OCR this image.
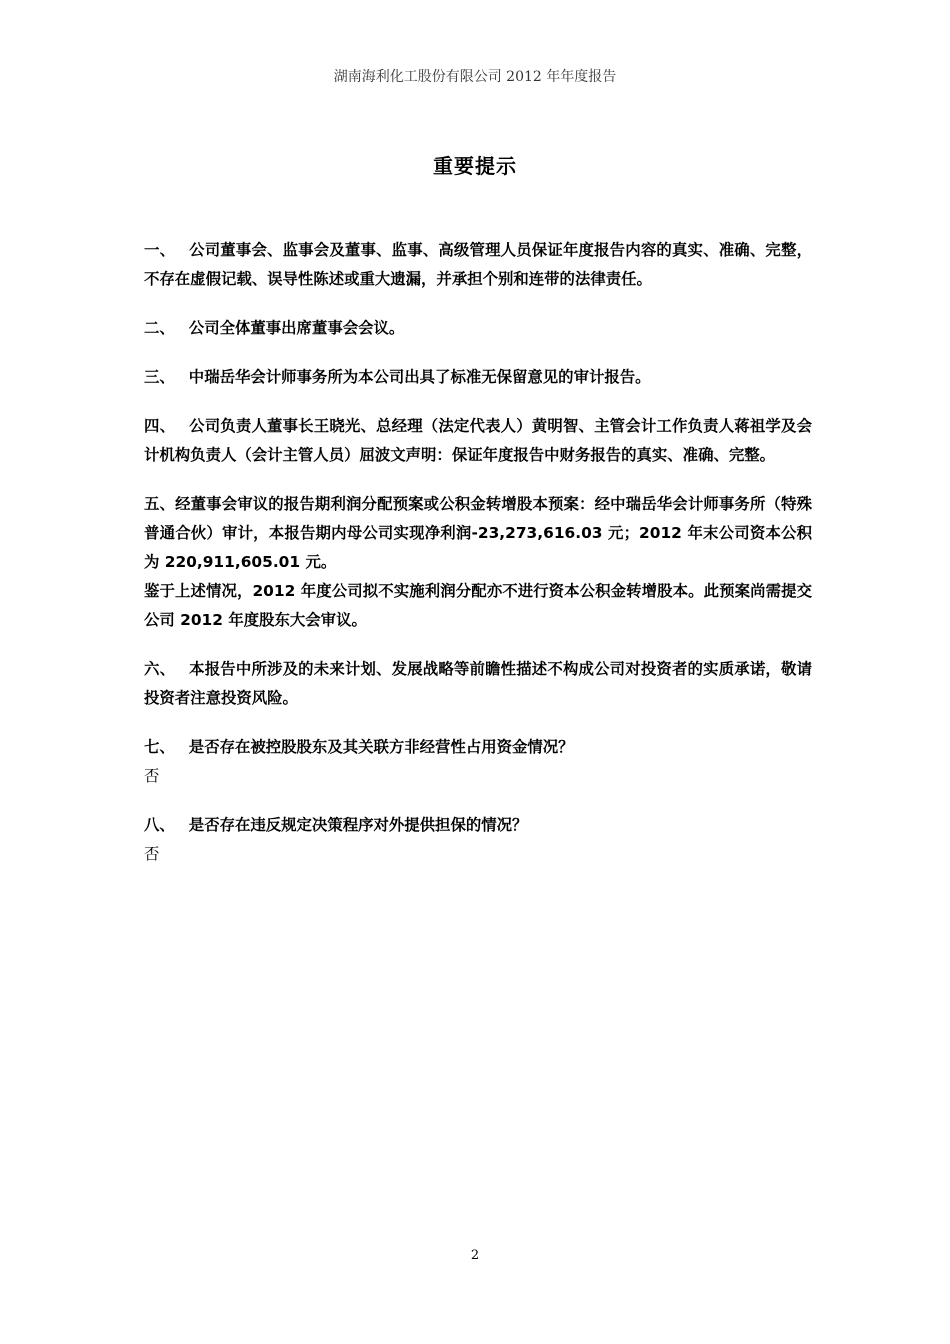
湖南海利化工股份有限公司 2012 年年度报告
重要提示

一、 公司董事会、监事会及董事、监事、高级管理人员保证年度报告内容的真实、准确、完整，不存在虚假记载、误导性陈述或重大遗漏，并承担个别和连带的法律责任。

二、 公司全体董事出席董事会会议。

三、 中瑞岳华会计师事务所为本公司出具了标准无保留意见的审计报告。

四、 公司负责人董事长王晓光、总经理（法定代表人）黄明智、主管会计工作负责人蒋祖学及会计机构负责人（会计主管人员）屈波文声明：保证年度报告中财务报告的真实、准确、完整。

五、经董事会审议的报告期利润分配预案或公积金转增股本预案：经中瑞岳华会计师事务所（特殊普通合伙）审计，本报告期内母公司实现净利润-23,273,616.03 元；2012 年末公司资本公积为 220,911,605.01 元。

鉴于上述情况，2012 年度公司拟不实施利润分配亦不进行资本公积金转增股本。此预案尚需提交公司 2012 年度股东大会审议。

六、 本报告中所涉及的未来计划、发展战略等前瞻性描述不构成公司对投资者的实质承诺，敬请投资者注意投资风险。

七、 是否存在被控股股东及其关联方非经营性占用资金情况？

否

八、 是否存在违反规定决策程序对外提供担保的情况？

否

2
